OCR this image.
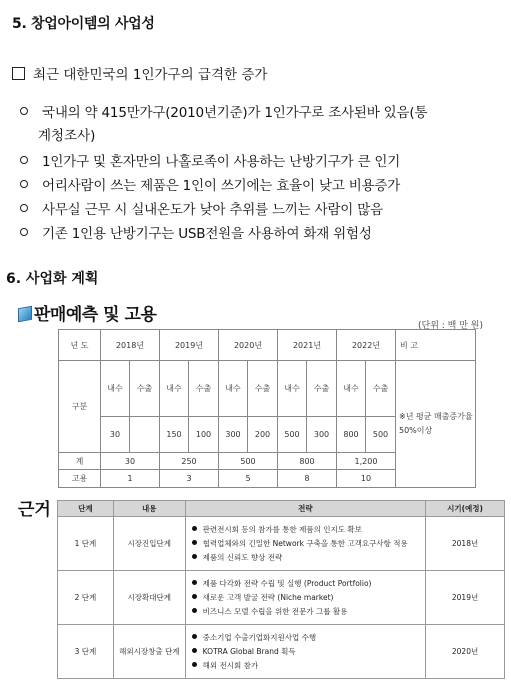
5. 창업아이템의 사업성
최근 대한민국의 1인가구의 급격한 증가
국내의 약 415만가구(2010년기준)가 1인가구로 조사된바 있음(통
계청조사)
1인가구 및 혼자만의 나홀로족이 사용하는 난방기구가 큰 인기
어리사람이 쓰는 제품은 1인이 쓰기에는 효율이 낮고 비용증가
사무실 근무 시 실내온도가 낮아 추위를 느끼는 사람이 많음
기존 1인용 난방기구는 USB전원을 사용하여 화재 위험성
6. 사업화 계획
판매예측 및 고용
(단위 : 백 만 원)
년 도	2018년		2019년		2020년		2021년		2022년		비 고
구분	내수	수출	내수	수출	내수	수출	내수	수출	내수	수출	※년 평균 매출증가율 50%이상
	30		150	100	300	200	500	300	800	500	
계	30		250		500		800		1,200		
고용	1		3		5		8		10		
근거	단계	내용	전략	시기(예정)
1 단계	시장진입단계	판련전시회 등의 참가를 통한 제품의 인지도 확보
협력업체와의 긴밀한 Network 구축을 통한 고객요구사항 적용
제품의 신뢰도 향상 전략	2018년
2 단계	시장확대단계	제품 다각화 전략 수립 및 실행 (Product Portfolio)
새로운 고객 발굴 전략 (Niche market)
비즈니스 모델 수립을 위한 전문가 그룹 활용	2019년
3 단계	해외시장창출 단계	중소기업 수출기업화지원사업 수행
KOTRA Global Brand 획득
해외 전시회 참가	2020년
